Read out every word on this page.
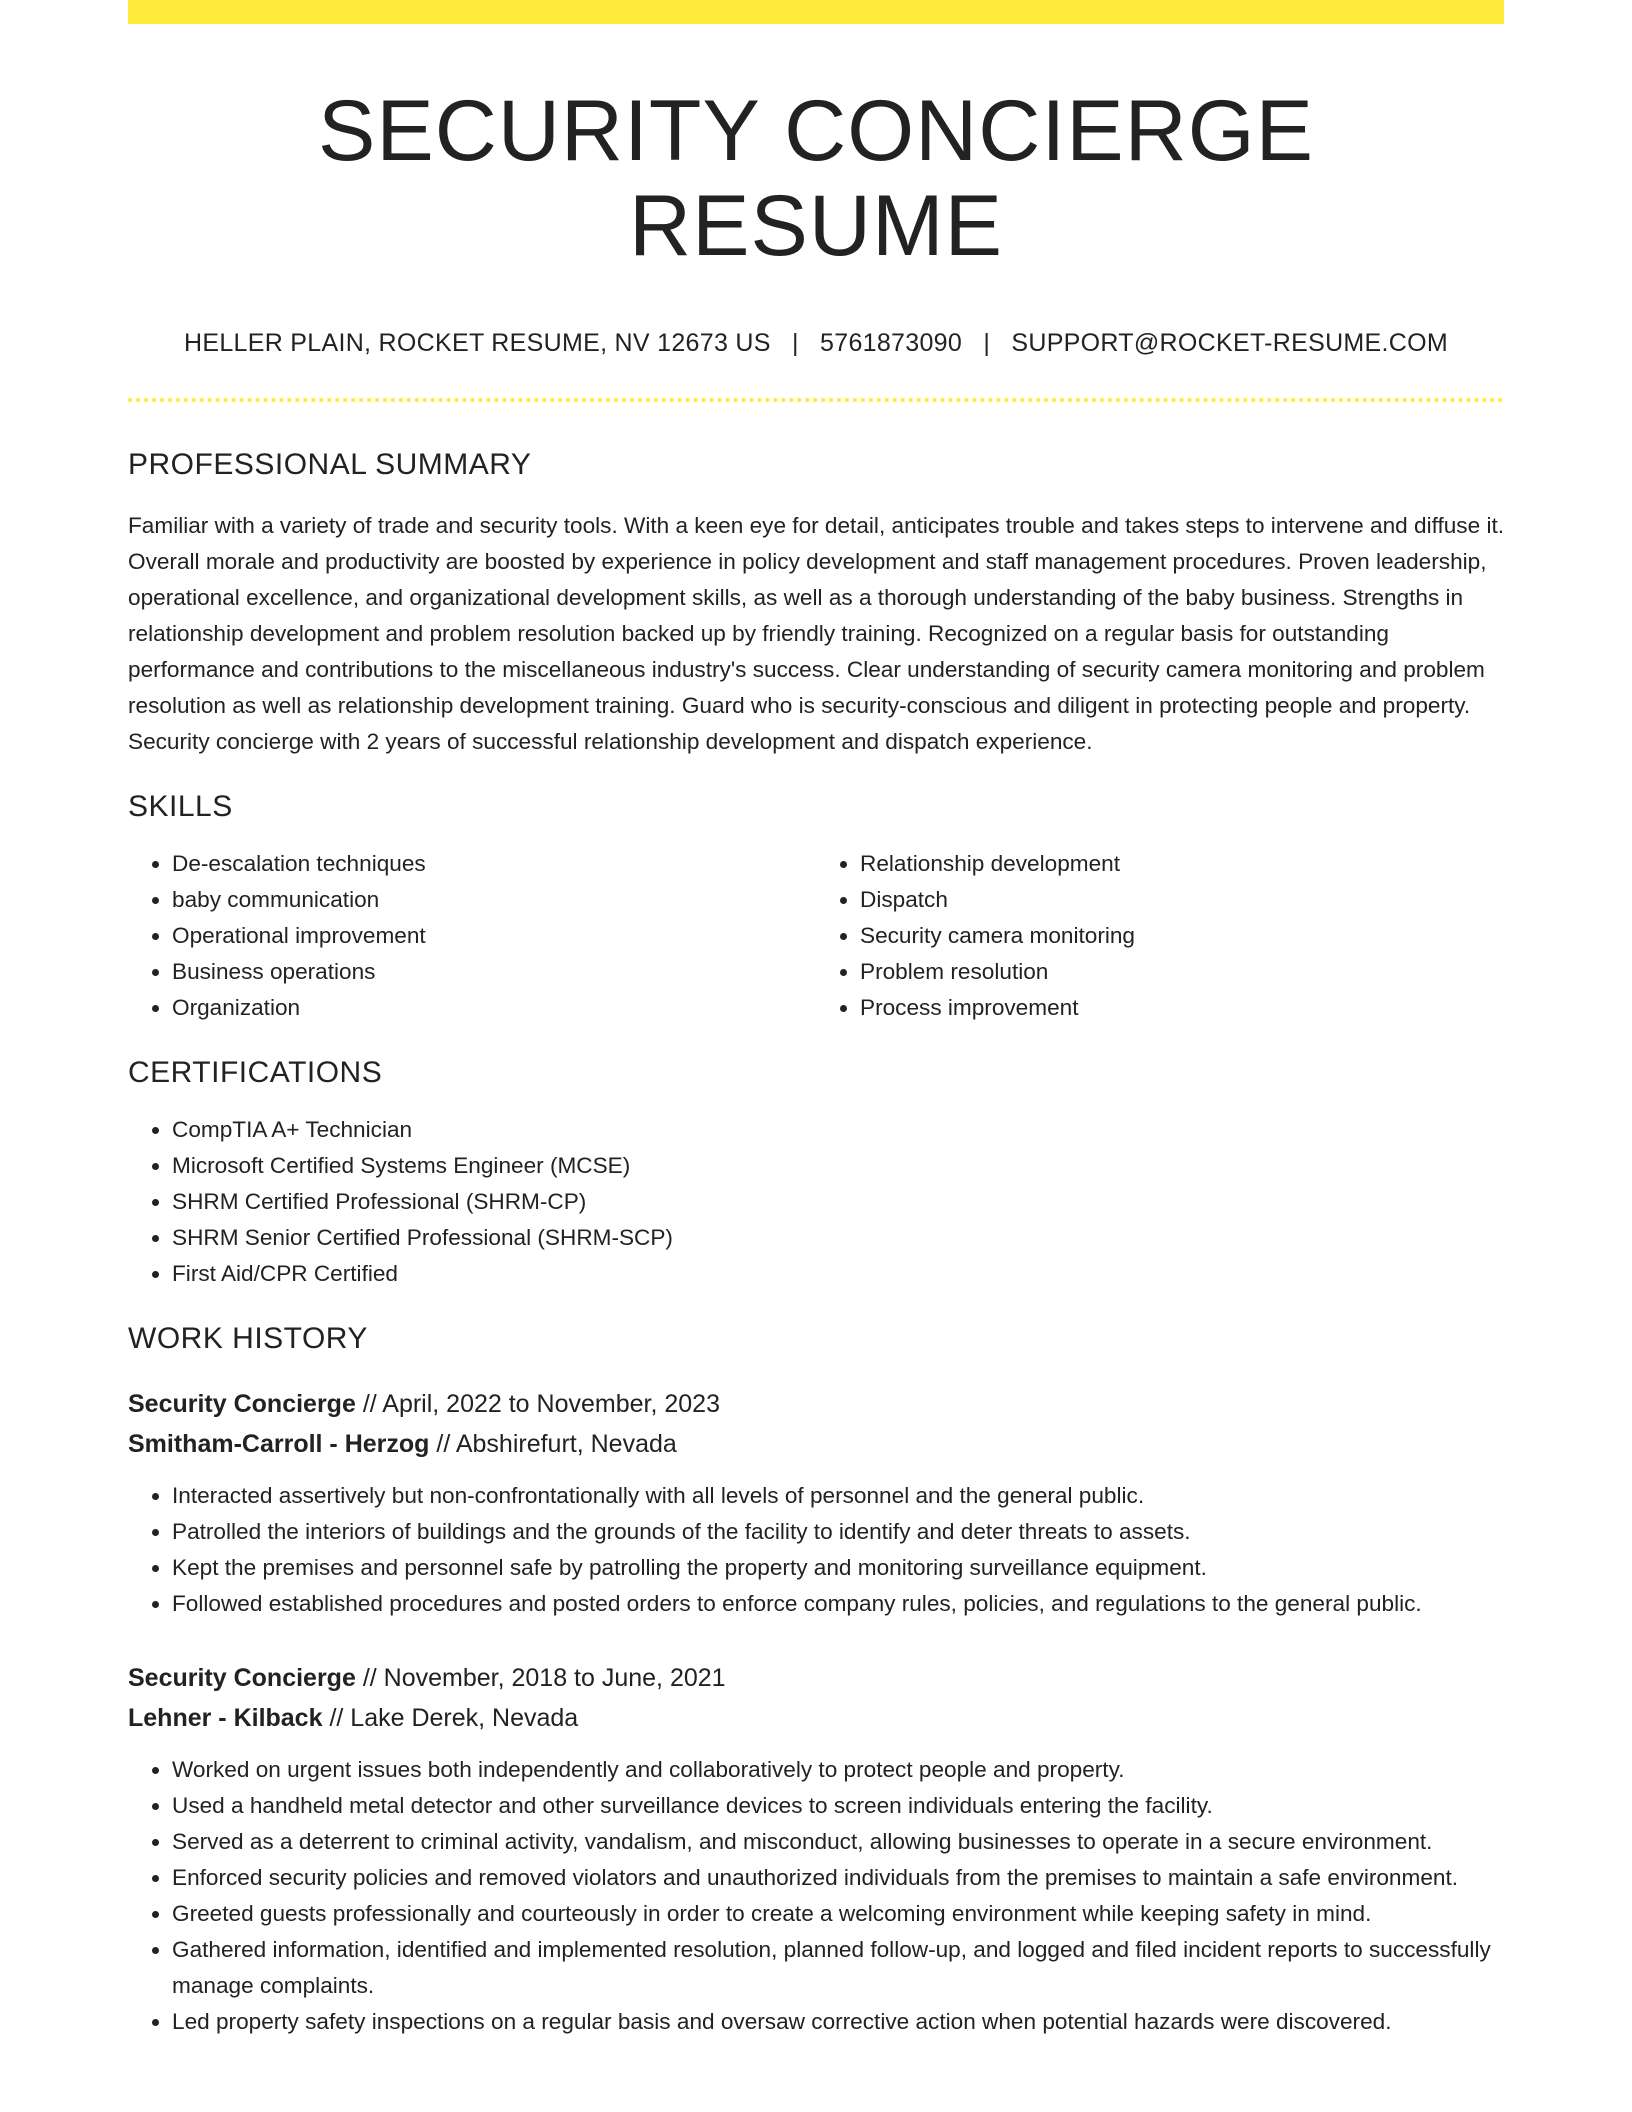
SECURITY CONCIERGE RESUME
HELLER PLAIN, ROCKET RESUME, NV 12673 US | 5761873090 | SUPPORT@ROCKET-RESUME.COM
PROFESSIONAL SUMMARY

Familiar with a variety of trade and security tools. With a keen eye for detail, anticipates trouble and takes steps to intervene and diffuse it. Overall morale and productivity are boosted by experience in policy development and staff management procedures. Proven leadership, operational excellence, and organizational development skills, as well as a thorough understanding of the baby business. Strengths in relationship development and problem resolution backed up by friendly training. Recognized on a regular basis for outstanding performance and contributions to the miscellaneous industry's success. Clear understanding of security camera monitoring and problem resolution as well as relationship development training. Guard who is security-conscious and diligent in protecting people and property. Security concierge with 2 years of successful relationship development and dispatch experience.

SKILLS
• De-escalation techniques
• baby communication
• Operational improvement
• Business operations
• Organization
• Relationship development
• Dispatch
• Security camera monitoring
• Problem resolution
• Process improvement
CERTIFICATIONS
• CompTIA A+ Technician
• Microsoft Certified Systems Engineer (MCSE)
• SHRM Certified Professional (SHRM-CP)
• SHRM Senior Certified Professional (SHRM-SCP)
• First Aid/CPR Certified
WORK HISTORY
Security Concierge // April, 2022 to November, 2023
Smitham-Carroll - Herzog // Abshirefurt, Nevada
• Interacted assertively but non-confrontationally with all levels of personnel and the general public.
• Patrolled the interiors of buildings and the grounds of the facility to identify and deter threats to assets.
• Kept the premises and personnel safe by patrolling the property and monitoring surveillance equipment.
• Followed established procedures and posted orders to enforce company rules, policies, and regulations to the general public.
Security Concierge // November, 2018 to June, 2021
Lehner - Kilback // Lake Derek, Nevada
• Worked on urgent issues both independently and collaboratively to protect people and property.
• Used a handheld metal detector and other surveillance devices to screen individuals entering the facility.
• Served as a deterrent to criminal activity, vandalism, and misconduct, allowing businesses to operate in a secure environment.
• Enforced security policies and removed violators and unauthorized individuals from the premises to maintain a safe environment.
• Greeted guests professionally and courteously in order to create a welcoming environment while keeping safety in mind.
• Gathered information, identified and implemented resolution, planned follow-up, and logged and filed incident reports to successfully manage complaints.
• Led property safety inspections on a regular basis and oversaw corrective action when potential hazards were discovered.
